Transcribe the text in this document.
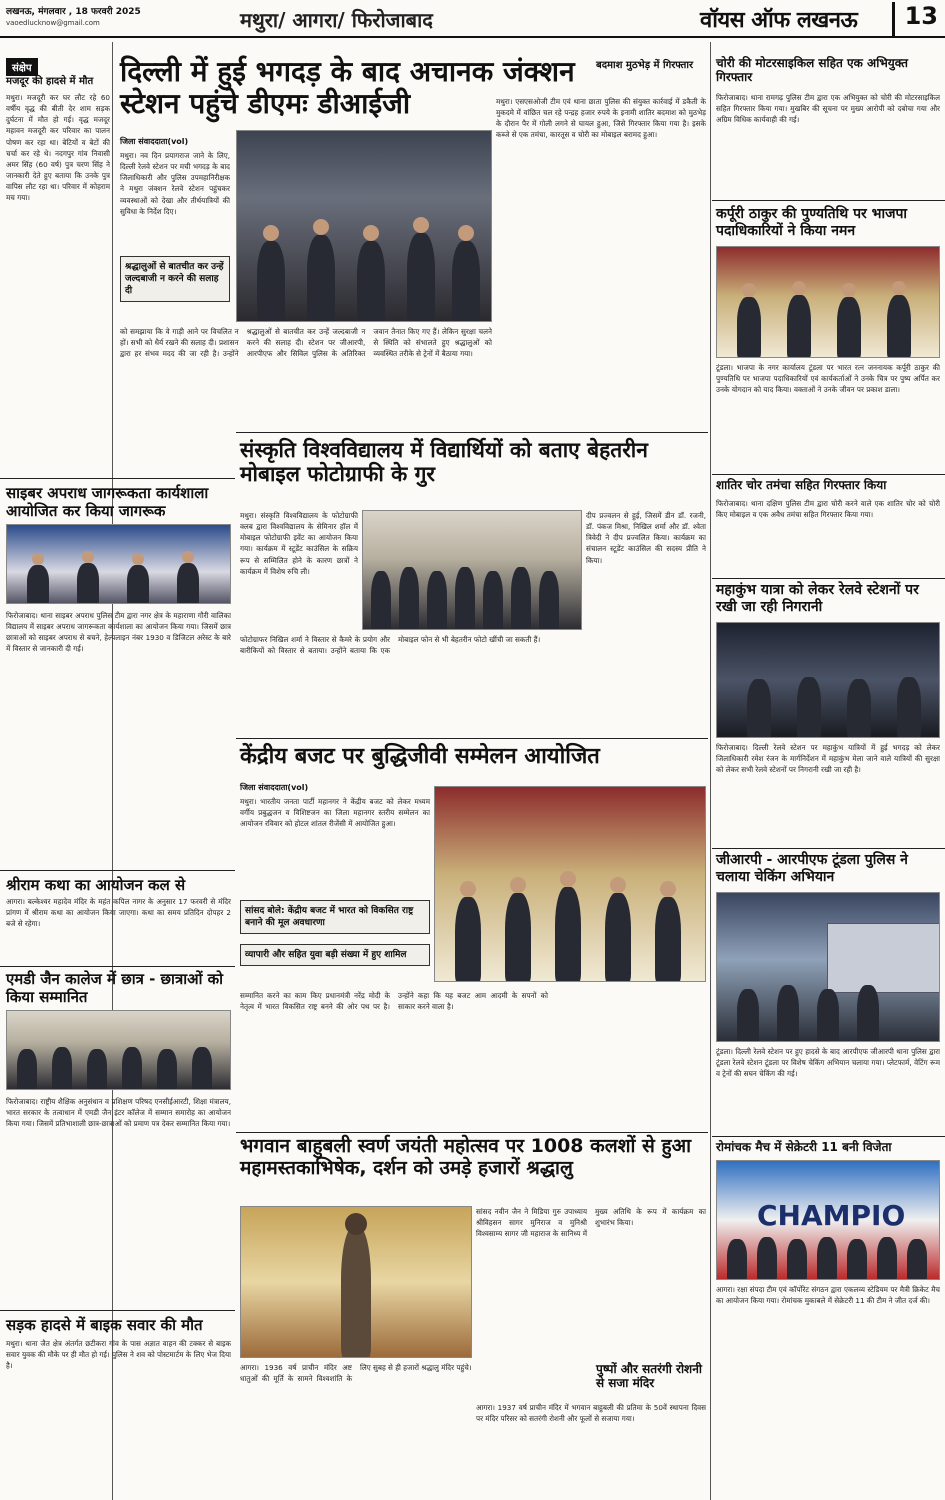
लखनऊ, मंगलवार , 18 फरवरी 2025
vaoedlucknow@gmail.com	मथुरा/ आगरा/ फिरोजाबाद	वॉयस ऑफ लखनऊ	13
संक्षेप
मजदूर की हादसे में मौत
मथुरा। मजदूरी कर घर लौट रहे 60 वर्षीय वृद्ध की बीती देर शाम सड़क दुर्घटना में मौत हो गई। वृद्ध मजदूर महावन मजदूरी कर परिवार का पालन पोषण कर रहा था। बेटियों व बेटों की चर्चा कर रहे थे। नदगपुर गांव निवासी अमर सिंह (60 वर्ष) पुत्र चरण सिंह ने जानकारी देते हुए बताया कि उनके पुत्र वापिस लौट रहा था। परिवार में कोहराम मच गया।
साइबर अपराध जागरूकता कार्यशाला आयोजित कर किया जागरूक
फिरोजाबाद। थाना साइबर अपराध पुलिस टीम द्वारा नगर क्षेत्र के महाराणा गौरी वालिका विद्यालय में साइबर अपराध जागरूकता कार्यशाला का आयोजन किया गया। जिसमें छात्र छात्राओं को साइबर अपराध से बचने, हेल्पलाइन नंबर 1930 व डिजिटल अरेस्ट के बारे में विस्तार से जानकारी दी गई।
श्रीराम कथा का आयोजन कल से
आगरा। बल्केश्वर महादेव मंदिर के महंत कपिल नागर के अनुसार 17 फरवरी से मंदिर प्रांगण में श्रीराम कथा का आयोजन किया जाएगा। कथा का समय प्रतिदिन दोपहर 2 बजे से रहेगा।
एमडी जैन कालेज में छात्र - छात्राओं को किया सम्मानित
फिरोजाबाद। राष्ट्रीय शैक्षिक अनुसंधान व प्रशिक्षण परिषद एनसीईआरटी, शिक्षा मंत्रालय, भारत सरकार के तत्वाधान में एमडी जैन इंटर कॉलेज में सम्मान समारोह का आयोजन किया गया। जिसमें प्रतिभाशाली छात्र-छात्राओं को प्रमाण पत्र देकर सम्मानित किया गया।
सड़क हादसे में बाइक सवार की मौत
मथुरा। थाना जैत क्षेत्र अंतर्गत छटीकरा गांव के पास अज्ञात वाहन की टक्कर से बाइक सवार युवक की मौके पर ही मौत हो गई। पुलिस ने शव को पोस्टमार्टम के लिए भेज दिया है।
दिल्ली में हुई भगदड़ के बाद अचानक जंक्शन स्टेशन पहुंचे डीएमः डीआईजी
जिला संवाददाता(vol)
मथुरा। नव दिन प्रयागराज जाने के लिए, दिल्ली रेलवे स्टेशन पर मची भगदड़ के बाद जिलाधिकारी और पुलिस उपमहानिरीक्षक ने मथुरा जंक्शन रेलवे स्टेशन पहुंचकर व्यवस्थाओं को देखा और तीर्थयात्रियों की सुविधा के निर्देश दिए।
श्रद्धालुओं से बातचीत कर उन्हें जल्दबाजी न करने की सलाह दी
को समझाया कि वे गाड़ी आने पर विचलित न हों। सभी को धैर्य रखने की सलाह दी। प्रशासन द्वारा हर संभव मदद की जा रही है। उन्होंने श्रद्धालुओं से बातचीत कर उन्हें जल्दबाजी न करने की सलाह दी। स्टेशन पर जीआरपी, आरपीएफ और सिविल पुलिस के अतिरिक्त जवान तैनात किए गए हैं। लेकिन सुरक्षा चलने से स्थिति को संभालते हुए श्रद्धालुओं को व्यवस्थित तरीके से ट्रेनों में बैठाया गया।
बदमाश मुठभेड़ में गिरफ्तार
मथुरा। एसएसओजी टीम एवं थाना छाता पुलिस की संयुक्त कार्रवाई में डकैती के मुकदमे में वांछित चल रहे पन्द्रह हजार रुपये के इनामी शातिर बदमाश को मुठभेड़ के दौरान पैर में गोली लगने से घायल हुआ, जिसे गिरफ्तार किया गया है। इसके कब्जे से एक तमंचा, कारतूस व चोरी का मोबाइल बरामद हुआ।
संस्कृति विश्वविद्यालय में विद्यार्थियों को बताए बेहतरीन मोबाइल फोटोग्राफी के गुर
मथुरा। संस्कृति विश्वविद्यालय के फोटोग्राफी क्लब द्वारा विश्वविद्यालय के सेमिनार हॉल में मोबाइल फोटोग्राफी इवेंट का आयोजन किया गया। कार्यक्रम में स्टूडेंट काउंसिल के सक्रिय रूप से सम्मिलित होने के कारण छात्रों ने कार्यक्रम में विशेष रुचि ली।
दीप प्रज्वलन से हुई, जिसमें डीन डॉ. रजनी, डॉ. पंकज मिश्रा, निखिल शर्मा और डॉ. श्वेता त्रिवेदी ने दीप प्रज्वलित किया। कार्यक्रम का संचालन स्टूडेंट काउंसिल की सदस्य प्रीति ने किया।
फोटोग्राफर निखिल शर्मा ने विस्तार से कैमरे के प्रयोग और बारीकियों को विस्तार से बताया। उन्होंने बताया कि एक मोबाइल फोन से भी बेहतरीन फोटो खींची जा सकती हैं।
केंद्रीय बजट पर बुद्धिजीवी सम्मेलन आयोजित
जिला संवाददाता(vol)
मथुरा। भारतीय जनता पार्टी महानगर ने केंद्रीय बजट को लेकर मध्यम वर्गीय प्रबुद्धजन व विशिष्टजन का जिला महानगर स्तरीय सम्मेलन का आयोजन रविवार को होटल शांतल रीजेंसी में आयोजित हुआ।
सांसद बोले: केंद्रीय बजट में भारत को विकसित राष्ट्र बनाने की मूल अवधारणा
व्यापारी और सहित युवा बड़ी संख्या में हुए शामिल
सम्मानित करने का काम किए प्रधानमंत्री नरेंद्र मोदी के नेतृत्व में भारत विकसित राष्ट्र बनने की ओर पथ पर है। उन्होंने कहा कि यह बजट आम आदमी के सपनों को साकार करने वाला है।
भगवान बाहुबली स्वर्ण जयंती महोत्सव पर 1008 कलशों से हुआ महामस्तकाभिषेक, दर्शन को उमड़े हजारों श्रद्धालु
सांसद नवीन जैन ने मिडिया गुरु उपाध्याय श्रीविहसन सागर मुनिराज व मुनिश्री विश्वसाम्य सागर जी महाराज के सानिध्य में मुख्य अतिथि के रूप में कार्यक्रम का शुभारंभ किया।
आगरा। 1936 वर्ष प्राचीन मंदिर अष्ट धातुओं की मूर्ति के सामने विश्वशांति के लिए सुबह से ही हजारों श्रद्धालु मंदिर पहुंचे।	पुष्पों और सतरंगी रोशनी से सजा मंदिर
आगरा। 1937 वर्ष प्राचीन मंदिर में भगवान बाहुबली की प्रतिमा के 50वें स्थापना दिवस पर मंदिर परिसर को सतरंगी रोशनी और फूलों से सजाया गया।
चोरी की मोटरसाइकिल सहित एक अभियुक्त गिरफ्तार
फिरोजाबाद। थाना रामगढ़ पुलिस टीम द्वारा एक अभियुक्त को चोरी की मोटरसाइकिल सहित गिरफ्तार किया गया। मुखबिर की सूचना पर मुख्य आरोपी को दबोचा गया और अग्रिम विधिक कार्यवाही की गई।
कर्पूरी ठाकुर की पुण्यतिथि पर भाजपा पदाधिकारियों ने किया नमन
टूंडला। भाजपा के नगर कार्यालय टूंडला पर भारत रत्न जननायक कर्पूरी ठाकुर की पुण्यतिथि पर भाजपा पदाधिकारियों एवं कार्यकर्ताओं ने उनके चित्र पर पुष्प अर्पित कर उनके योगदान को याद किया। वक्ताओं ने उनके जीवन पर प्रकाश डाला।
शातिर चोर तमंचा सहित गिरफ्तार किया
फिरोजाबाद। थाना दक्षिण पुलिस टीम द्वारा चोरी करने वाले एक शातिर चोर को चोरी किए मोबाइल व एक अवैध तमंचा सहित गिरफ्तार किया गया।
महाकुंभ यात्रा को लेकर रेलवे स्टेशनों पर रखी जा रही निगरानी
फिरोजाबाद। दिल्ली रेलवे स्टेशन पर महाकुंभ यात्रियों में हुई भगदड़ को लेकर जिलाधिकारी रमेश रंजन के मार्गनिर्देशन में महाकुंभ मेला जाने वाले यात्रियों की सुरक्षा को लेकर सभी रेलवे स्टेशनों पर निगरानी रखी जा रही है।
जीआरपी - आरपीएफ टूंडला पुलिस ने चलाया चेकिंग अभियान
टूंडला। दिल्ली रेलवे स्टेशन पर हुए हादसे के बाद आरपीएफ जीआरपी थाना पुलिस द्वारा टूंडला रेलवे स्टेशन टूंडला पर विशेष चेकिंग अभियान चलाया गया। प्लेटफार्म, वेटिंग रूम व ट्रेनों की सघन चेकिंग की गई।
रोमांचक मैच में सेक्रेटरी 11 बनी विजेता
CHAMPIO
आगरा। रक्षा संपदा टीम एवं कॉर्पोरेट संगठन द्वारा एकलव्य स्टेडियम पर मैत्री क्रिकेट मैच का आयोजन किया गया। रोमांचक मुकाबले में सेक्रेटरी 11 की टीम ने जीत दर्ज की।
